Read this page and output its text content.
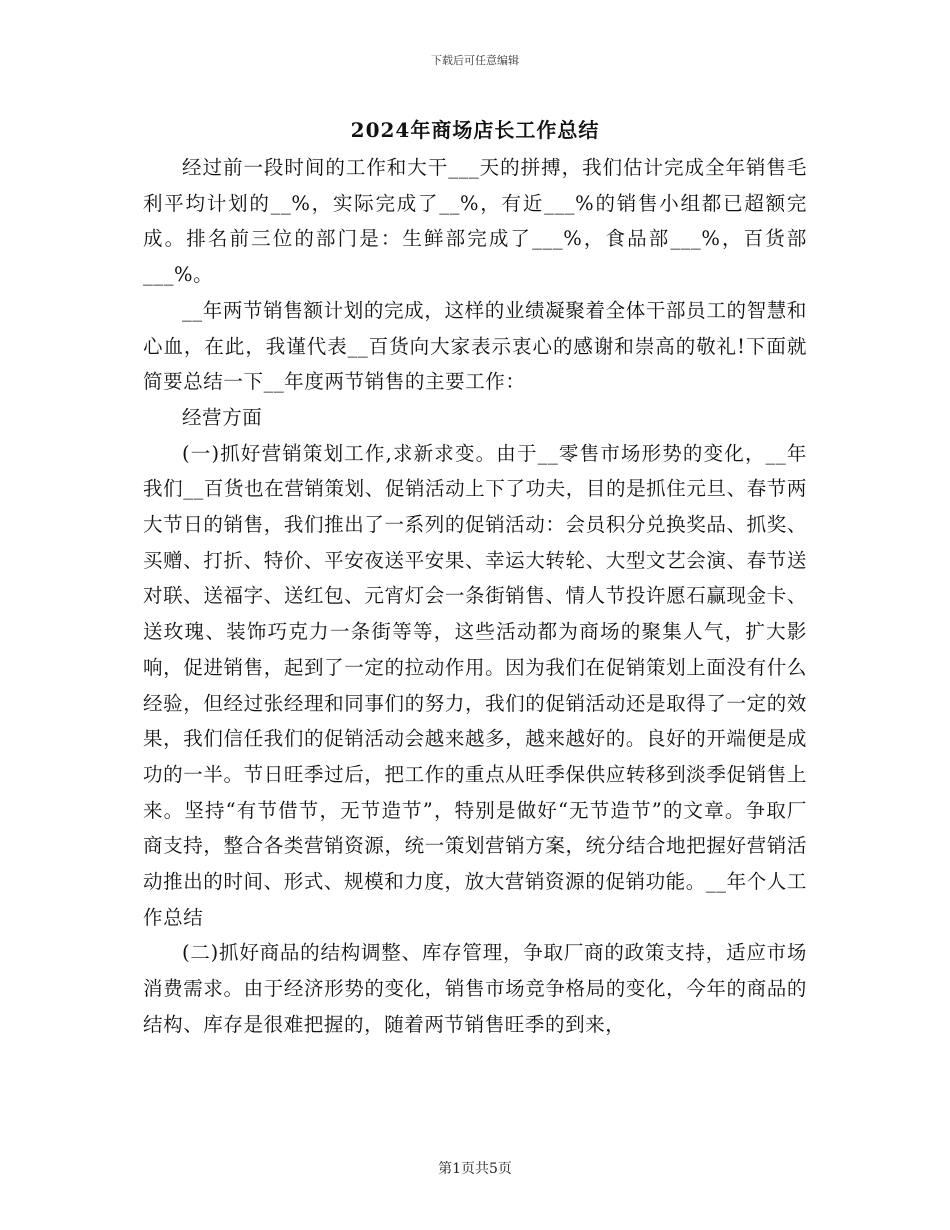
下载后可任意编辑
2024年商场店长工作总结

经过前一段时间的工作和大干___天的拼搏，我们估计完成全年销售毛利平均计划的__%，实际完成了__%，有近___%的销售小组都已超额完成。排名前三位的部门是：生鲜部完成了___%，食品部___%，百货部___%。

__年两节销售额计划的完成，这样的业绩凝聚着全体干部员工的智慧和心血，在此，我谨代表__百货向大家表示衷心的感谢和崇高的敬礼!下面就简要总结一下__年度两节销售的主要工作：

经营方面

(一)抓好营销策划工作,求新求变。由于__零售市场形势的变化，__年我们__百货也在营销策划、促销活动上下了功夫，目的是抓住元旦、春节两大节日的销售，我们推出了一系列的促销活动：会员积分兑换奖品、抓奖、买赠、打折、特价、平安夜送平安果、幸运大转轮、大型文艺会演、春节送对联、送福字、送红包、元宵灯会一条街销售、情人节投许愿石赢现金卡、送玫瑰、装饰巧克力一条街等等，这些活动都为商场的聚集人气，扩大影响，促进销售，起到了一定的拉动作用。因为我们在促销策划上面没有什么经验，但经过张经理和同事们的努力，我们的促销活动还是取得了一定的效果，我们信任我们的促销活动会越来越多，越来越好的。良好的开端便是成功的一半。节日旺季过后，把工作的重点从旺季保供应转移到淡季促销售上来。坚持“有节借节，无节造节”，特别是做好“无节造节”的文章。争取厂商支持，整合各类营销资源，统一策划营销方案，统分结合地把握好营销活动推出的时间、形式、规模和力度，放大营销资源的促销功能。__年个人工作总结

(二)抓好商品的结构调整、库存管理，争取厂商的政策支持，适应市场消费需求。由于经济形势的变化，销售市场竞争格局的变化，今年的商品的结构、库存是很难把握的，随着两节销售旺季的到来，

第1页共5页
